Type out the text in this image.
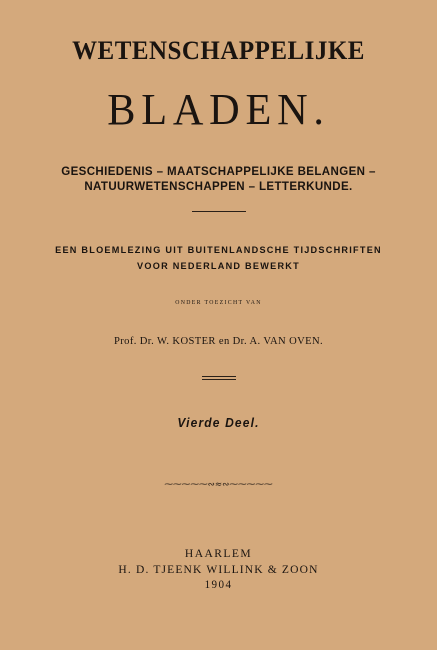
WETENSCHAPPELIJKE
BLADEN.
GESCHIEDENIS – MAATSCHAPPELIJKE BELANGEN –
NATUURWETENSCHAPPEN – LETTERKUNDE.
EEN BLOEMLEZING UIT BUITENLANDSCHE TIJDSCHRIFTEN
VOOR NEDERLAND BEWERKT
ONDER TOEZICHT VAN
Prof. Dr. W. KOSTER en Dr. A. VAN OVEN.
Vierde Deel.
⁓⁓⁓⁓⁓∾≈∾⁓⁓⁓⁓⁓
HAARLEM
H. D. TJEENK WILLINK & ZOON
1904
